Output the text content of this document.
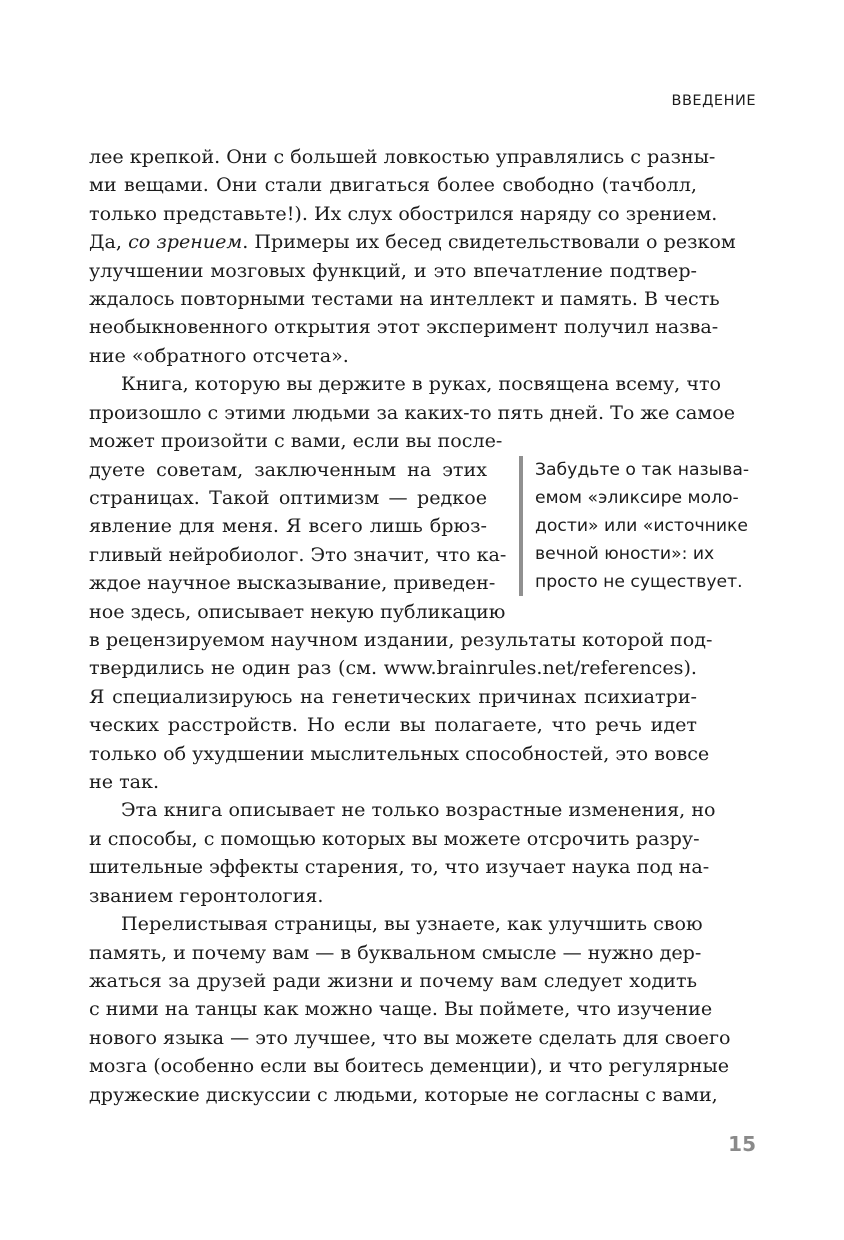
ВВЕДЕНИЕ
лее крепкой. Они с большей ловкостью управлялись с разны-
ми вещами. Они стали двигаться более свободно (тачболл,
только представьте!). Их слух обострился наряду со зрением.
Да, со зрением. Примеры их бесед свидетельствовали о резком
улучшении мозговых функций, и это впечатление подтвер-
ждалось повторными тестами на интеллект и память. В честь
необыкновенного открытия этот эксперимент получил назва-
ние «обратного отсчета».
Книга, которую вы держите в руках, посвящена всему, что
произошло с этими людьми за каких-то пять дней. То же самое
может произойти с вами, если вы после-
дуете советам, заключенным на этих
страницах. Такой оптимизм — редкое
явление для меня. Я всего лишь брюз-
гливый нейробиолог. Это значит, что ка-
ждое научное высказывание, приведен-
ное здесь, описывает некую публикацию
в рецензируемом научном издании, результаты которой под-
твердились не один раз (см. www.brainrules.net/references).
Я специализируюсь на генетических причинах психиатри-
ческих расстройств. Но если вы полагаете, что речь идет
только об ухудшении мыслительных способностей, это вовсе
не так.
Эта книга описывает не только возрастные изменения, но
и способы, с помощью которых вы можете отсрочить разру-
шительные эффекты старения, то, что изучает наука под на-
званием геронтология.
Перелистывая страницы, вы узнаете, как улучшить свою
память, и почему вам — в буквальном смысле — нужно дер-
жаться за друзей ради жизни и почему вам следует ходить
с ними на танцы как можно чаще. Вы поймете, что изучение
нового языка — это лучшее, что вы можете сделать для своего
мозга (особенно если вы боитесь деменции), и что регулярные
дружеские дискуссии с людьми, которые не согласны с вами,
Забудьте о так называ-
емом «эликсире моло-
дости» или «источнике
вечной юности»: их
просто не существует.
15
